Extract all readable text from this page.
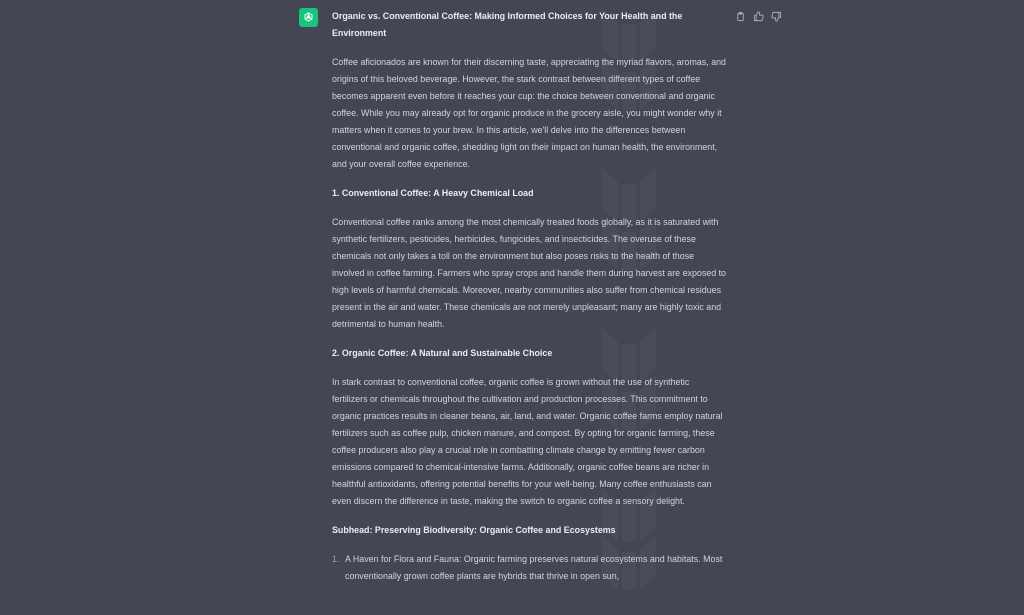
Organic vs. Conventional Coffee: Making Informed Choices for Your Health and the Environment

Coffee aficionados are known for their discerning taste, appreciating the myriad flavors, aromas, and origins of this beloved beverage. However, the stark contrast between different types of coffee becomes apparent even before it reaches your cup: the choice between conventional and organic coffee. While you may already opt for organic produce in the grocery aisle, you might wonder why it matters when it comes to your brew. In this article, we'll delve into the differences between conventional and organic coffee, shedding light on their impact on human health, the environment, and your overall coffee experience.

1. Conventional Coffee: A Heavy Chemical Load

Conventional coffee ranks among the most chemically treated foods globally, as it is saturated with synthetic fertilizers, pesticides, herbicides, fungicides, and insecticides. The overuse of these chemicals not only takes a toll on the environment but also poses risks to the health of those involved in coffee farming. Farmers who spray crops and handle them during harvest are exposed to high levels of harmful chemicals. Moreover, nearby communities also suffer from chemical residues present in the air and water. These chemicals are not merely unpleasant; many are highly toxic and detrimental to human health.

2. Organic Coffee: A Natural and Sustainable Choice

In stark contrast to conventional coffee, organic coffee is grown without the use of synthetic fertilizers or chemicals throughout the cultivation and production processes. This commitment to organic practices results in cleaner beans, air, land, and water. Organic coffee farms employ natural fertilizers such as coffee pulp, chicken manure, and compost. By opting for organic farming, these coffee producers also play a crucial role in combatting climate change by emitting fewer carbon emissions compared to chemical-intensive farms. Additionally, organic coffee beans are richer in healthful antioxidants, offering potential benefits for your well-being. Many coffee enthusiasts can even discern the difference in taste, making the switch to organic coffee a sensory delight.

Subhead: Preserving Biodiversity: Organic Coffee and Ecosystems
1. A Haven for Flora and Fauna: Organic farming preserves natural ecosystems and habitats. Most conventionally grown coffee plants are hybrids that thrive in open sun,
